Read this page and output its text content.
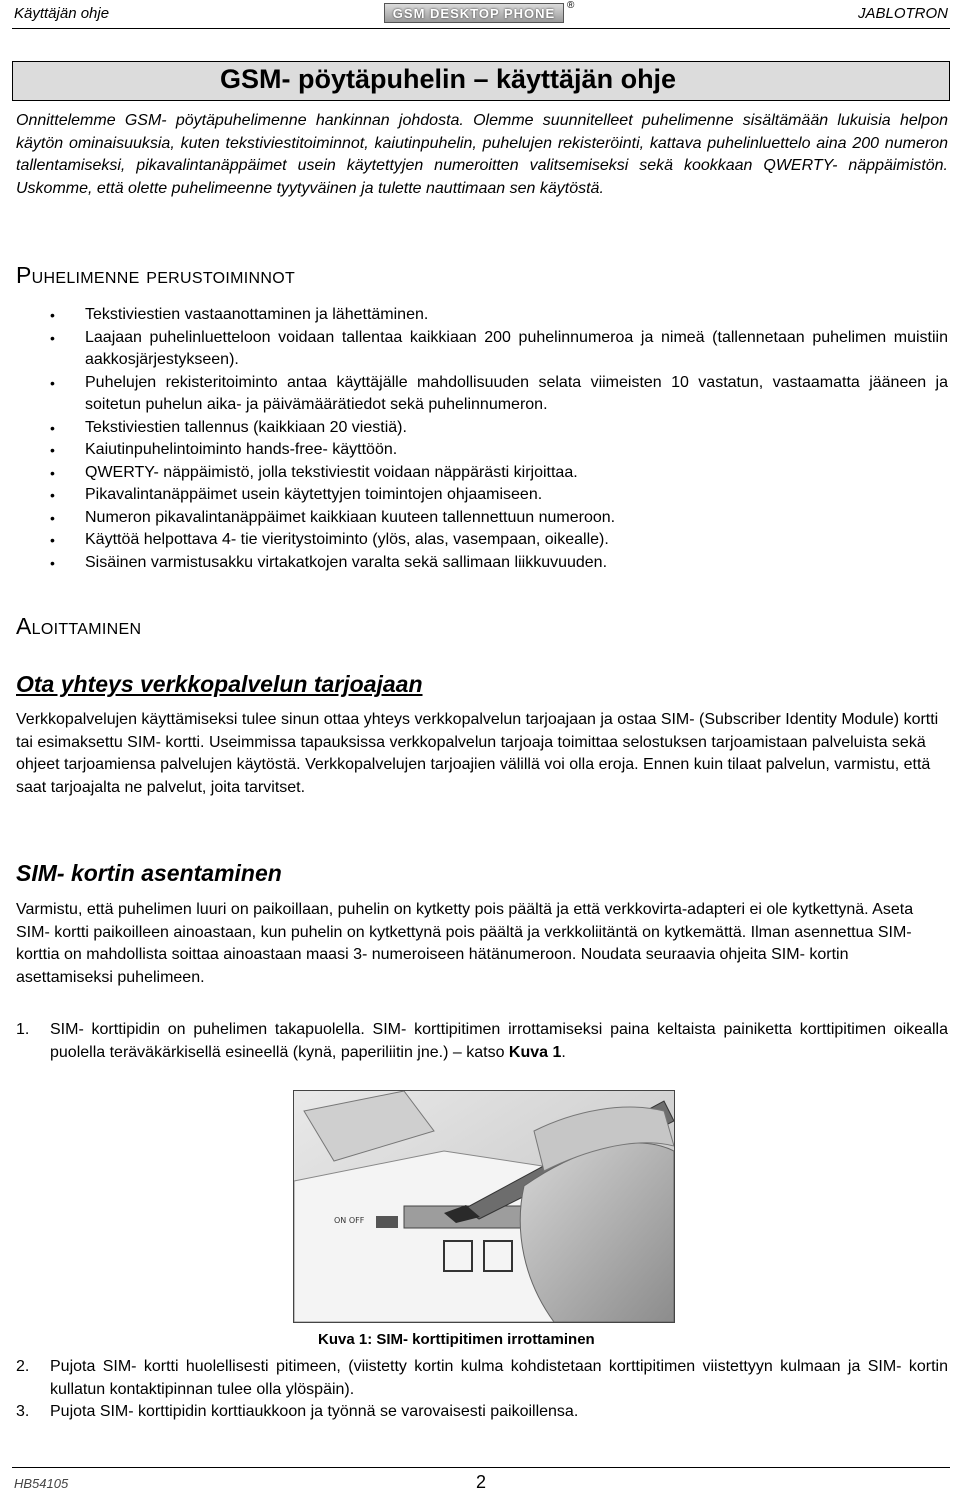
Käyttäjän ohje	GSM DESKTOP PHONE	®	JABLOTRON
GSM- pöytäpuhelin – käyttäjän ohje
Onnittelemme GSM- pöytäpuhelimenne hankinnan johdosta. Olemme suunnitelleet puhelimenne sisältämään lukuisia helpon käytön ominaisuuksia, kuten tekstiviestitoiminnot, kaiutinpuhelin, puhelujen rekisteröinti, kattava puhelinluettelo aina 200 numeron tallentamiseksi, pikavalintanäppäimet usein käytettyjen numeroitten valitsemiseksi sekä kookkaan QWERTY- näppäimistön. Uskomme, että olette puhelimeenne tyytyväinen ja tulette nauttimaan sen käytöstä.
Puhelimenne perustoiminnot
• Tekstiviestien vastaanottaminen ja lähettäminen.
• Laajaan puhelinluetteloon voidaan tallentaa kaikkiaan 200 puhelinnumeroa ja nimeä (tallennetaan puhelimen muistiin aakkosjärjestykseen).
• Puhelujen rekisteritoiminto antaa käyttäjälle mahdollisuuden selata viimeisten 10 vastatun, vastaamatta jääneen ja soitetun puhelun aika- ja päivämäärätiedot sekä puhelinnumeron.
• Tekstiviestien tallennus (kaikkiaan 20 viestiä).
• Kaiutinpuhelintoiminto hands-free- käyttöön.
• QWERTY- näppäimistö, jolla tekstiviestit voidaan näppärästi kirjoittaa.
• Pikavalintanäppäimet usein käytettyjen toimintojen ohjaamiseen.
• Numeron pikavalintanäppäimet kaikkiaan kuuteen tallennettuun numeroon.
• Käyttöä helpottava 4- tie vieritystoiminto (ylös, alas, vasempaan, oikealle).
• Sisäinen varmistusakku virtakatkojen varalta sekä sallimaan liikkuvuuden.
Aloittaminen
Ota yhteys verkkopalvelun tarjoajaan
Verkkopalvelujen käyttämiseksi tulee sinun ottaa yhteys verkkopalvelun tarjoajaan ja ostaa SIM- (Subscriber Identity Module) kortti tai esimaksettu SIM- kortti. Useimmissa tapauksissa verkkopalvelun tarjoaja toimittaa selostuksen tarjoamistaan palveluista sekä ohjeet tarjoamiensa palvelujen käytöstä. Verkkopalvelujen tarjoajien välillä voi olla eroja. Ennen kuin tilaat palvelun, varmistu, että saat tarjoajalta ne palvelut, joita tarvitset.
SIM- kortin asentaminen
Varmistu, että puhelimen luuri on paikoillaan, puhelin on kytketty pois päältä ja että verkkovirta-adapteri ei ole kytkettynä. Aseta SIM- kortti paikoilleen ainoastaan, kun puhelin on kytkettynä pois päältä ja verkkoliitäntä on kytkemättä. Ilman asennettua SIM- korttia on mahdollista soittaa ainoastaan maasi 3- numeroiseen hätänumeroon. Noudata seuraavia ohjeita SIM- kortin asettamiseksi puhelimeen.
1. SIM- korttipidin on puhelimen takapuolella. SIM- korttipitimen irrottamiseksi paina keltaista painiketta korttipitimen oikealla puolella teräväkärkisellä esineellä (kynä, paperiliitin jne.) – katso Kuva 1.
ON OFF
Kuva 1: SIM- korttipitimen irrottaminen
2. Pujota SIM- kortti huolellisesti pitimeen, (viistetty kortin kulma kohdistetaan korttipitimen viistettyyn kulmaan ja SIM- kortin kullatun kontaktipinnan tulee olla ylöspäin).
3. Pujota SIM- korttipidin korttiaukkoon ja työnnä se varovaisesti paikoillensa.
HB54105	2
